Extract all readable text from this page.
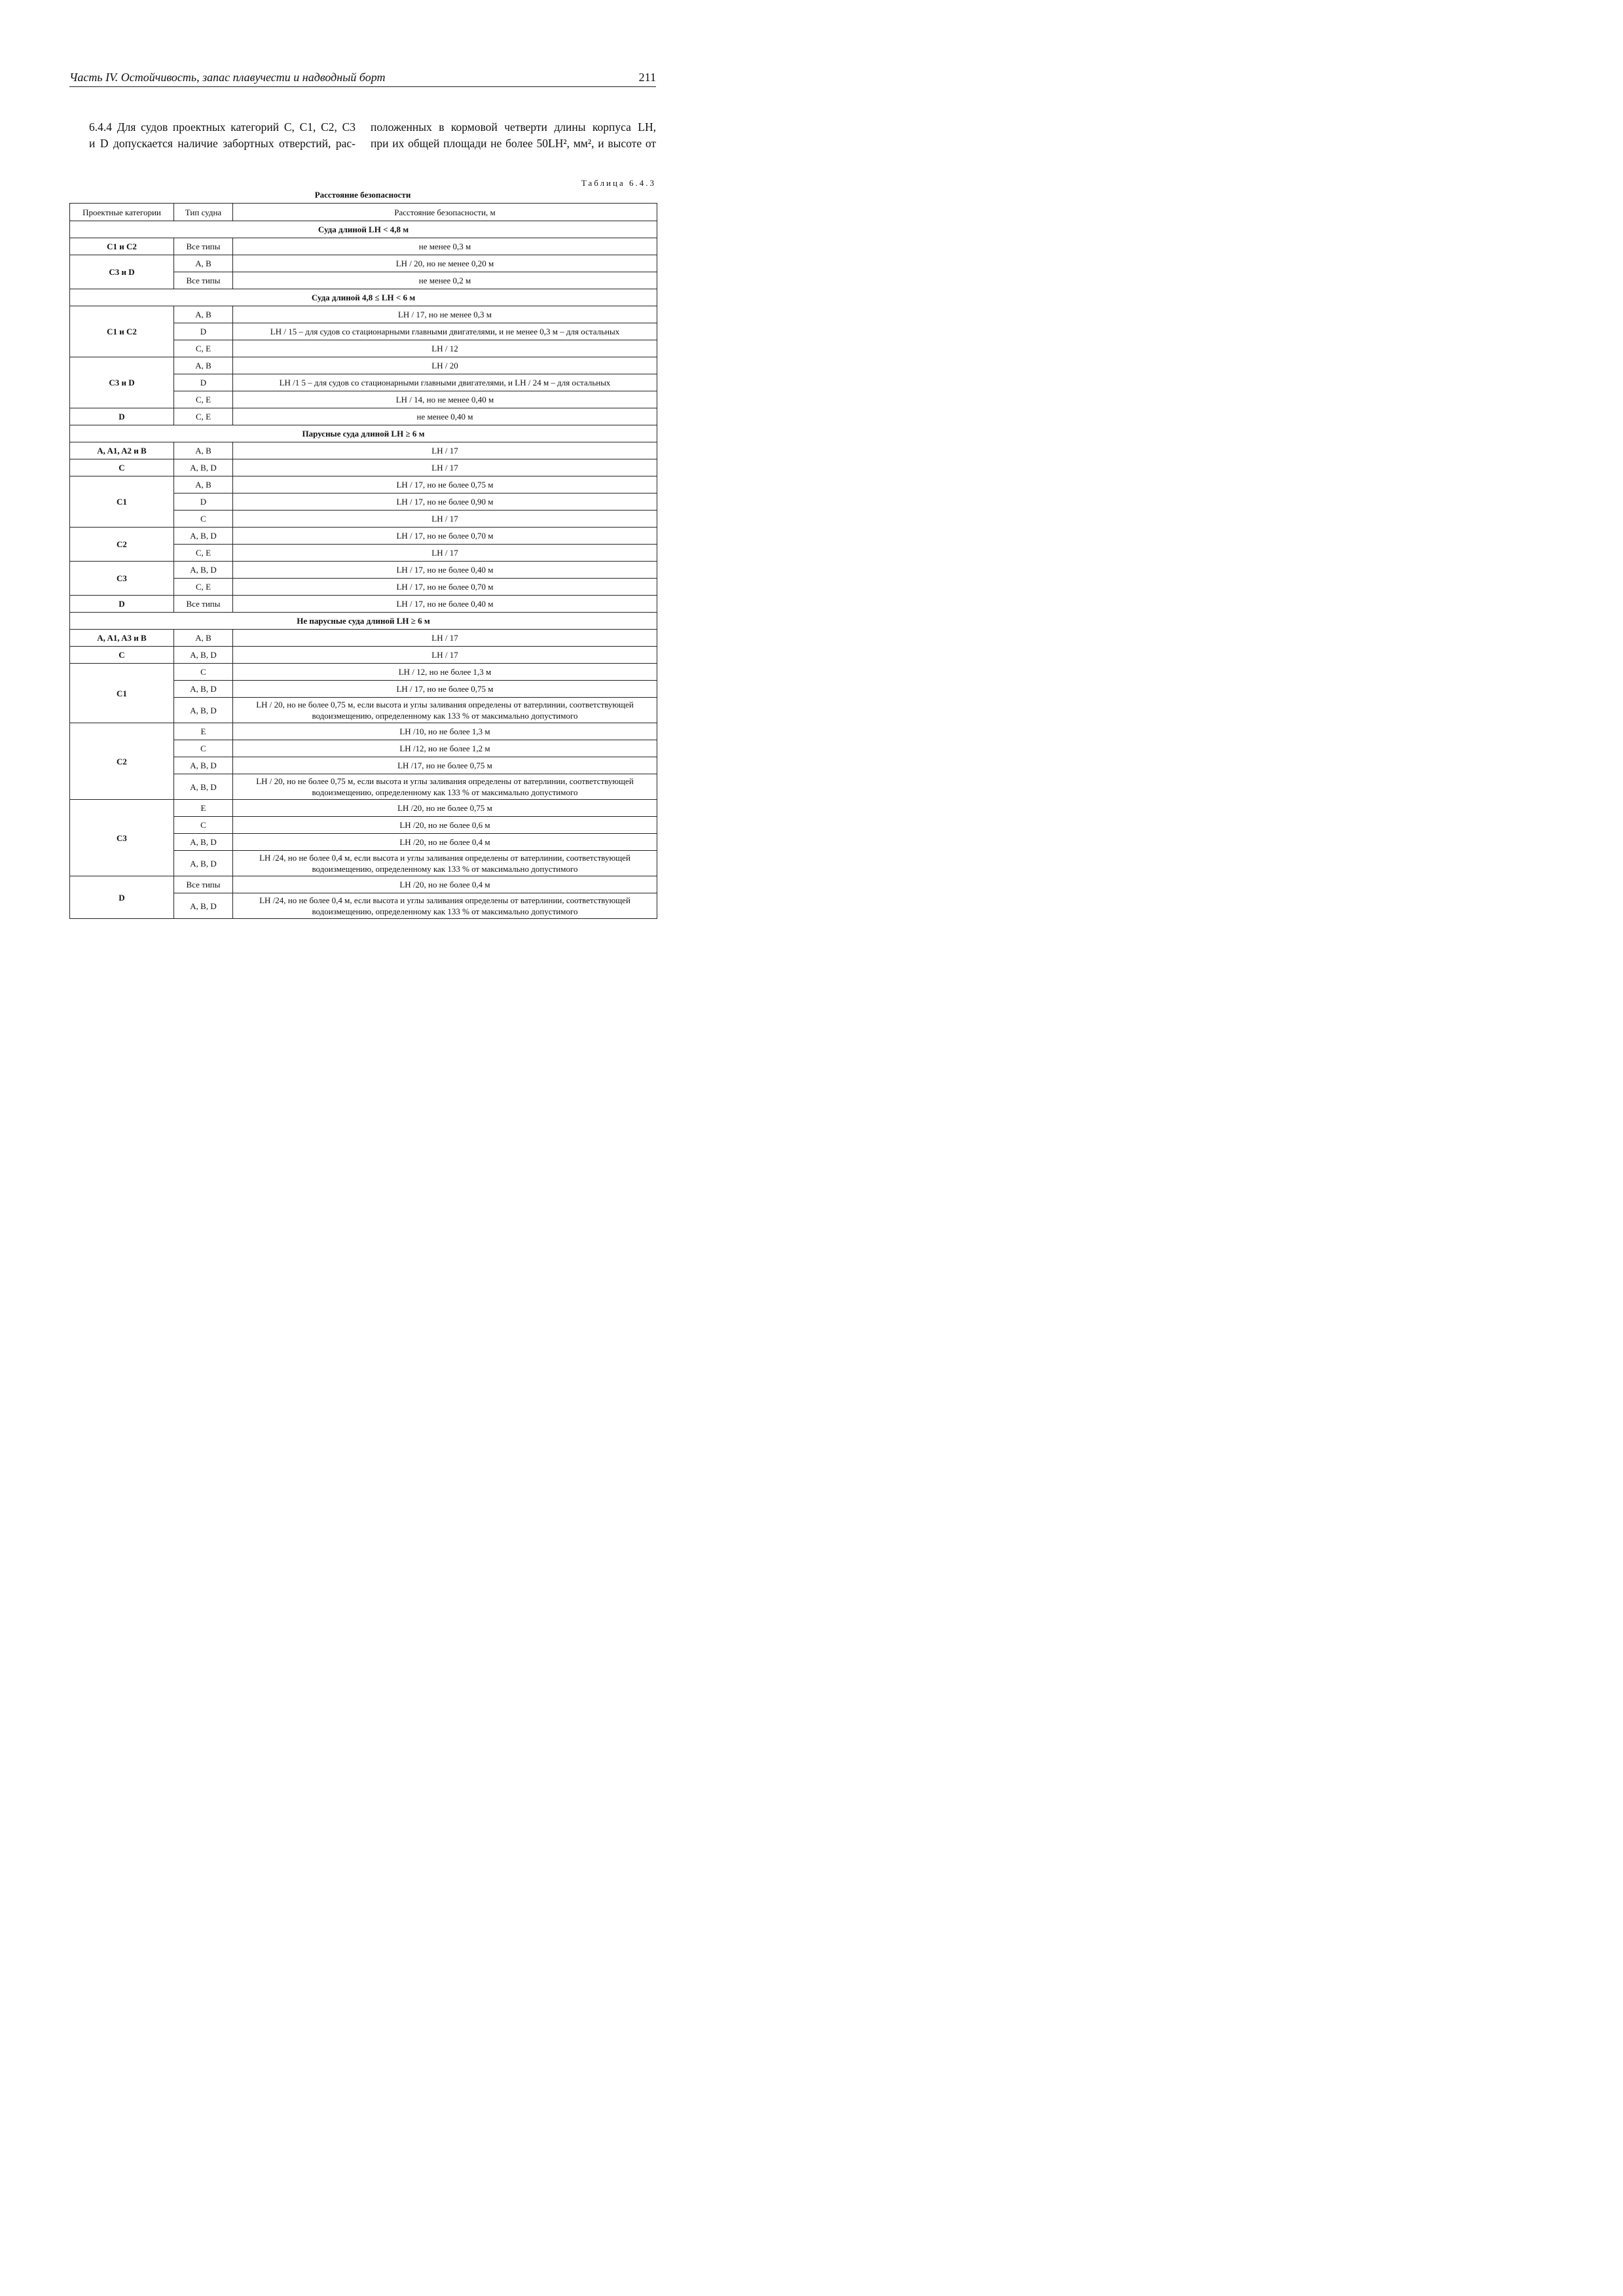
Часть IV. Остойчивость, запас плавучести и надводный борт	211
6.4.4 Для судов проектных категорий C, C1, C2, C3
и D допускается наличие забортных отверстий, рас-
положенных в кормовой четверти длины корпуса LН,
при их общей площади не более 50LН², мм², и высоте от
Таблица 6.4.3
Расстояние безопасности
Проектные категории	Тип судна	Расстояние безопасности, м
Суда длиной LН < 4,8 м		
C1 и C2	Все типы	не менее 0,3 м
C3 и D	A, B	LН / 20, но не менее 0,20 м
	Все типы	не менее 0,2 м
Суда длиной 4,8 ≤ LН < 6 м		
C1 и C2	A, B	LН / 17, но не менее 0,3 м
	D	LН / 15 – для судов со стационарными главными двигателями, и не менее 0,3 м – для остальных
	C, E	LН / 12
C3 и D	A, B	LН / 20
	D	LН /1 5 – для судов со стационарными главными двигателями, и LН / 24 м – для остальных
	C, E	LН / 14, но не менее 0,40 м
D	C, E	не менее 0,40 м
Парусные суда длиной LН ≥ 6 м		
A, A1, A2 и B	A, B	LН / 17
C	A, B, D	LН / 17
C1	A, B	LН / 17, но не более 0,75 м
	D	LН / 17, но не более 0,90 м
	C	LН / 17
C2	A, B, D	LН / 17, но не более 0,70 м
	C, E	LН / 17
C3	A, B, D	LН / 17, но не более 0,40 м
	C, E	LН / 17, но не более 0,70 м
D	Все типы	LН / 17, но не более 0,40 м
Не парусные суда длиной LН ≥ 6 м		
A, A1, A3 и B	A, B	LН / 17
C	A, B, D	LН / 17
C1	C	LН / 12, но не более 1,3 м
	A, B, D	LН / 17, но не более 0,75 м
	A, B, D	LН / 20, но не более 0,75 м, если высота и углы заливания определены от ватерлинии, соответствующей водоизмещению, определенному как 133 % от максимально допустимого
C2	E	LН /10, но не более 1,3 м
	C	LН /12, но не более 1,2 м
	A, B, D	LН /17, но не более 0,75 м
	A, B, D	LН / 20, но не более 0,75 м, если высота и углы заливания определены от ватерлинии, соответствующей водоизмещению, определенному как 133 % от максимально допустимого
C3	E	LН /20, но не более 0,75 м
	C	LН /20, но не более 0,6 м
	A, B, D	LН /20, но не более 0,4 м
	A, B, D	LН /24, но не более 0,4 м, если высота и углы заливания определены от ватерлинии, соответствующей водоизмещению, определенному как 133 % от максимально допустимого
D	Все типы	LН /20, но не более 0,4 м
	A, B, D	LН /24, но не более 0,4 м, если высота и углы заливания определены от ватерлинии, соответствующей водоизмещению, определенному как 133 % от максимально допустимого
